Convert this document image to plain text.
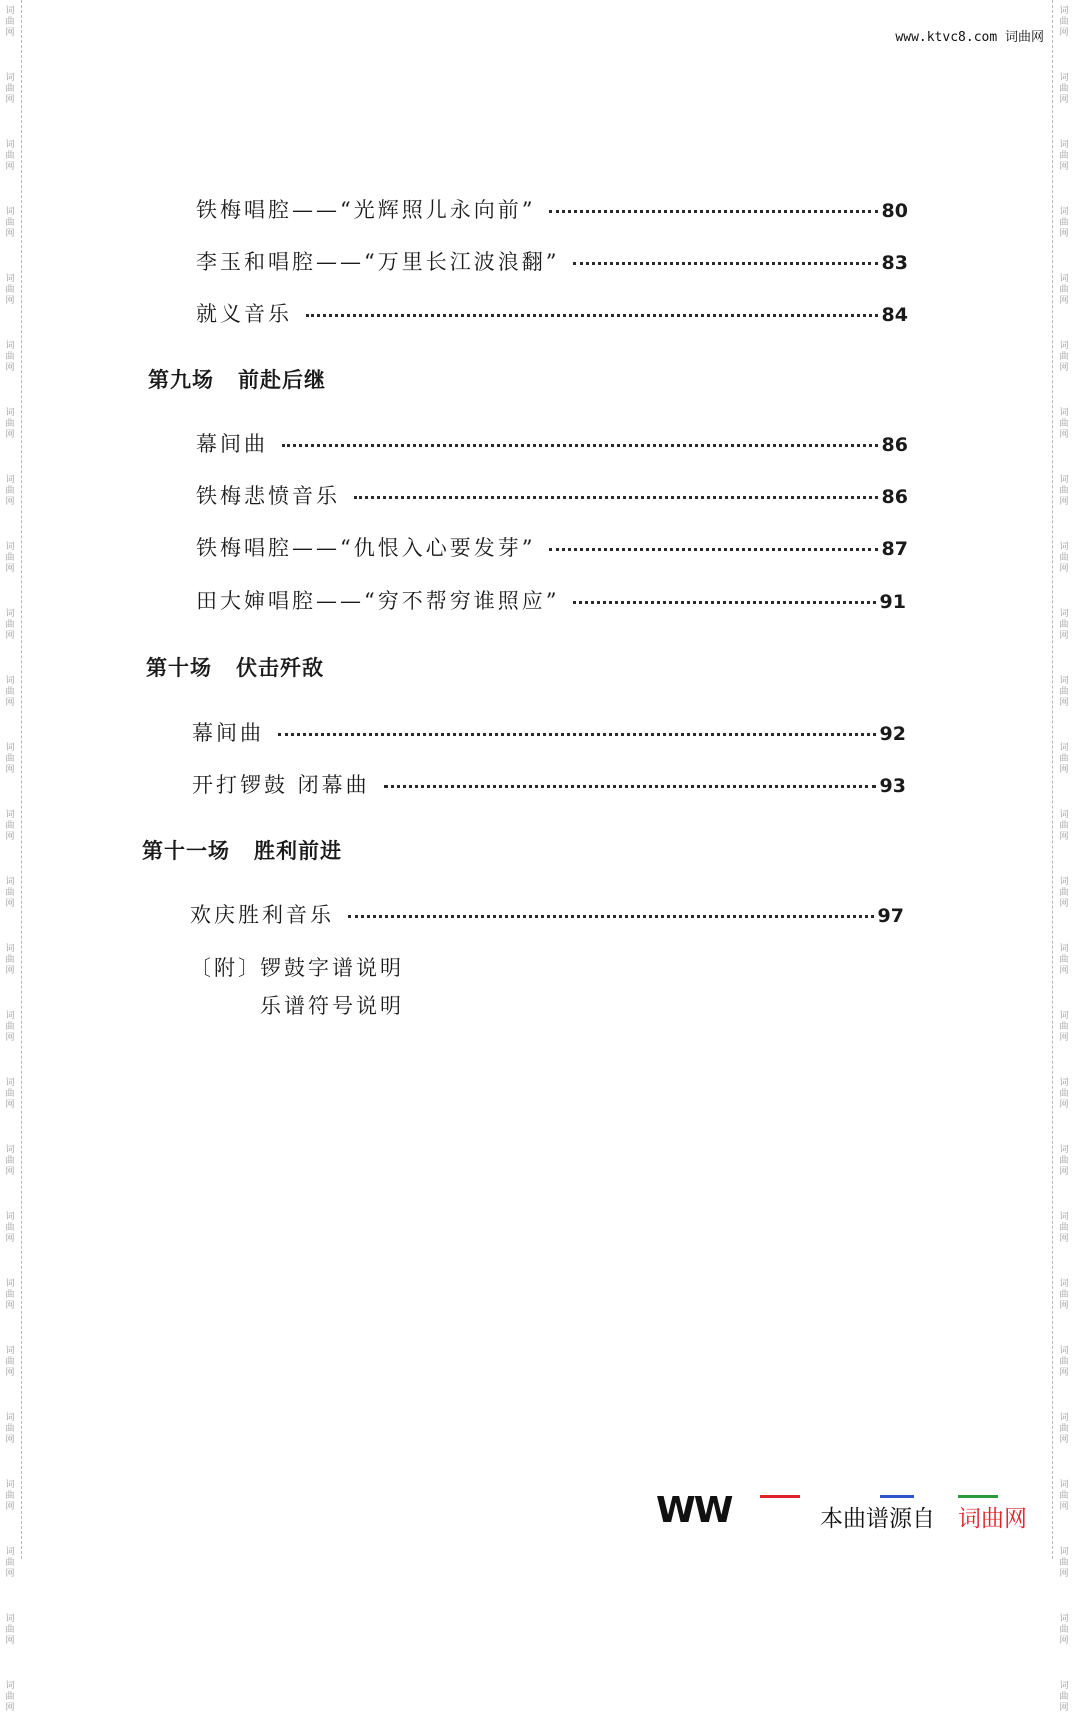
词
曲
网
词
曲
网
词
曲
网
词
曲
网
词
曲
网
词
曲
网
词
曲
网
词
曲
网
词
曲
网
词
曲
网
词
曲
网
词
曲
网
词
曲
网
词
曲
网
词
曲
网
词
曲
网
词
曲
网
词
曲
网
词
曲
网
词
曲
网
词
曲
网
词
曲
网
词
曲
网
词
曲
网
词
曲
网
词
曲
网
词
曲
网
词
曲
网
词
曲
网
词
曲
网
词
曲
网
词
曲
网
词
曲
网
词
曲
网
词
曲
网
词
曲
网
词
曲
网
词
曲
网
词
曲
网
词
曲
网
词
曲
网
词
曲
网
词
曲
网
词
曲
网
词
曲
网
词
曲
网
词
曲
网
词
曲
网
词
曲
网
词
曲
网
词
曲
网
词
曲
网
www.ktvc8.com 词曲网
铁梅唱腔——“光辉照儿永向前”	80
李玉和唱腔——“万里长江波浪翻”	83
就义音乐	84
第九场 前赴后继
幕间曲	86
铁梅悲愤音乐	86
铁梅唱腔——“仇恨入心要发芽”	87
田大婶唱腔——“穷不帮穷谁照应”	91
第十场 伏击歼敌
幕间曲	92
开打锣鼓 闭幕曲	93
第十一场 胜利前进
欢庆胜利音乐	97
〔附〕
锣鼓字谱说明
乐谱符号说明
WW	本曲谱源自 词曲网
